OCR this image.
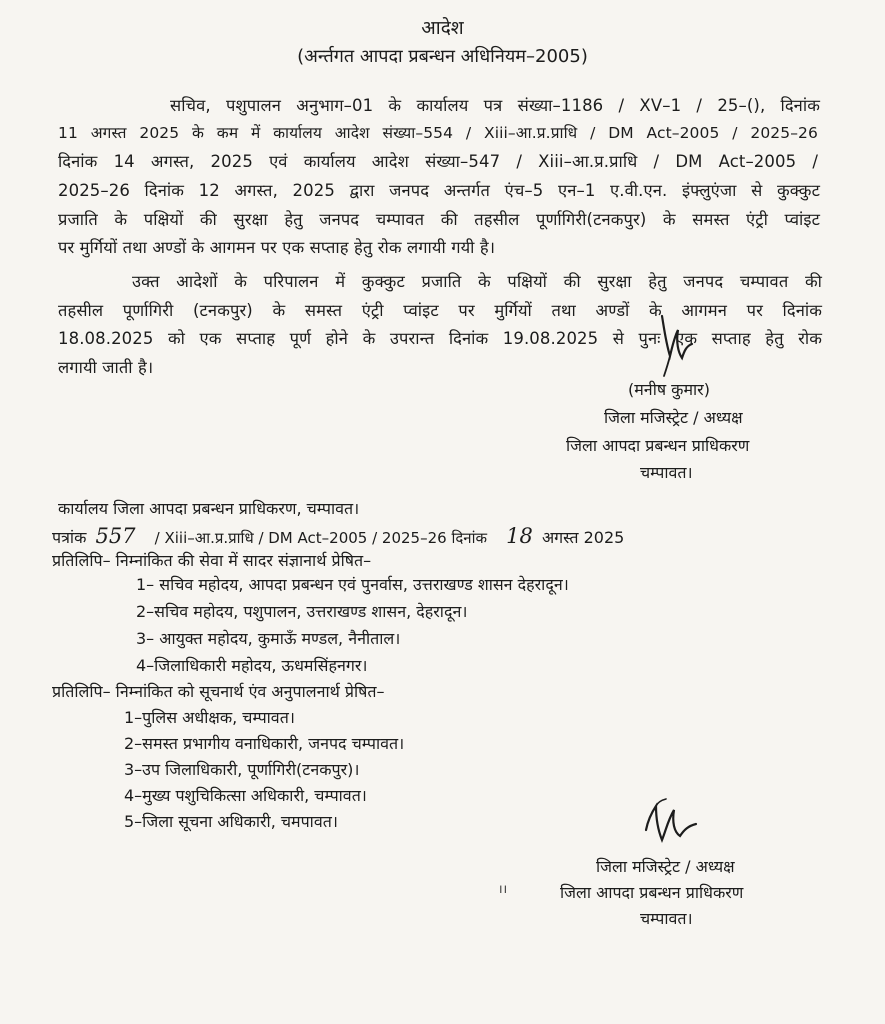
आदेश
(अर्न्तगत आपदा प्रबन्धन अधिनियम–2005)
सचिव, पशुपालन अनुभाग–01 के कार्यालय पत्र संख्या–1186 / XV–1 / 25–(), दिनांक
11 अगस्त 2025 के कम में कार्यालय आदेश संख्या–554 / Xiii–आ.प्र.प्राधि / DM Act–2005 / 2025–26
दिनांक 14 अगस्त, 2025 एवं कार्यालय आदेश संख्या–547 / Xiii–आ.प्र.प्राधि / DM Act–2005 /
2025–26 दिनांक 12 अगस्त, 2025 द्वारा जनपद अन्तर्गत एंच–5 एन–1 ए.वी.एन. इंफ्लुएंजा से कुक्कुट
प्रजाति के पक्षियों की सुरक्षा हेतु जनपद चम्पावत की तहसील पूर्णागिरी(टनकपुर) के समस्त एंट्री प्वांइट
पर मुर्गियों तथा अण्डों के आगमन पर एक सप्ताह हेतु रोक लगायी गयी है।
उक्त आदेशों के परिपालन में कुक्कुट प्रजाति के पक्षियों की सुरक्षा हेतु जनपद चम्पावत की
तहसील पूर्णागिरी (टनकपुर) के समस्त एंट्री प्वांइट पर मुर्गियों तथा अण्डों के आगमन पर दिनांक
18.08.2025 को एक सप्ताह पूर्ण होने के उपरान्त दिनांक 19.08.2025 से पुनः एक सप्ताह हेतु रोक
लगायी जाती है।
(मनीष कुमार)
जिला मजिस्ट्रेट / अध्यक्ष
जिला आपदा प्रबन्धन प्राधिकरण
चम्पावत।
कार्यालय जिला आपदा प्रबन्धन प्राधिकरण, चम्पावत।
पत्रांक 557 / Xiii–आ.प्र.प्राधि / DM Act–2005 / 2025–26 दिनांक 18 अगस्त 2025
प्रतिलिपि– निम्नांकित की सेवा में सादर संज्ञानार्थ प्रेषित–
1– सचिव महोदय, आपदा प्रबन्धन एवं पुनर्वास, उत्तराखण्ड शासन देहरादून।
2–सचिव महोदय, पशुपालन, उत्तराखण्ड शासन, देहरादून।
3– आयुक्त महोदय, कुमाऊँ मण्डल, नैनीताल।
4–जिलाधिकारी महोदय, ऊधमसिंहनगर।
प्रतिलिपि– निम्नांकित को सूचनार्थ एंव अनुपालनार्थ प्रेषित–
1–पुलिस अधीक्षक, चम्पावत।
2–समस्त प्रभागीय वनाधिकारी, जनपद चम्पावत।
3–उप जिलाधिकारी, पूर्णागिरी(टनकपुर)।
4–मुख्य पशुचिकित्सा अधिकारी, चम्पावत।
5–जिला सूचना अधिकारी, चमपावत।
जिला मजिस्ट्रेट / अध्यक्ष
।।	जिला आपदा प्रबन्धन प्राधिकरण
चम्पावत।
